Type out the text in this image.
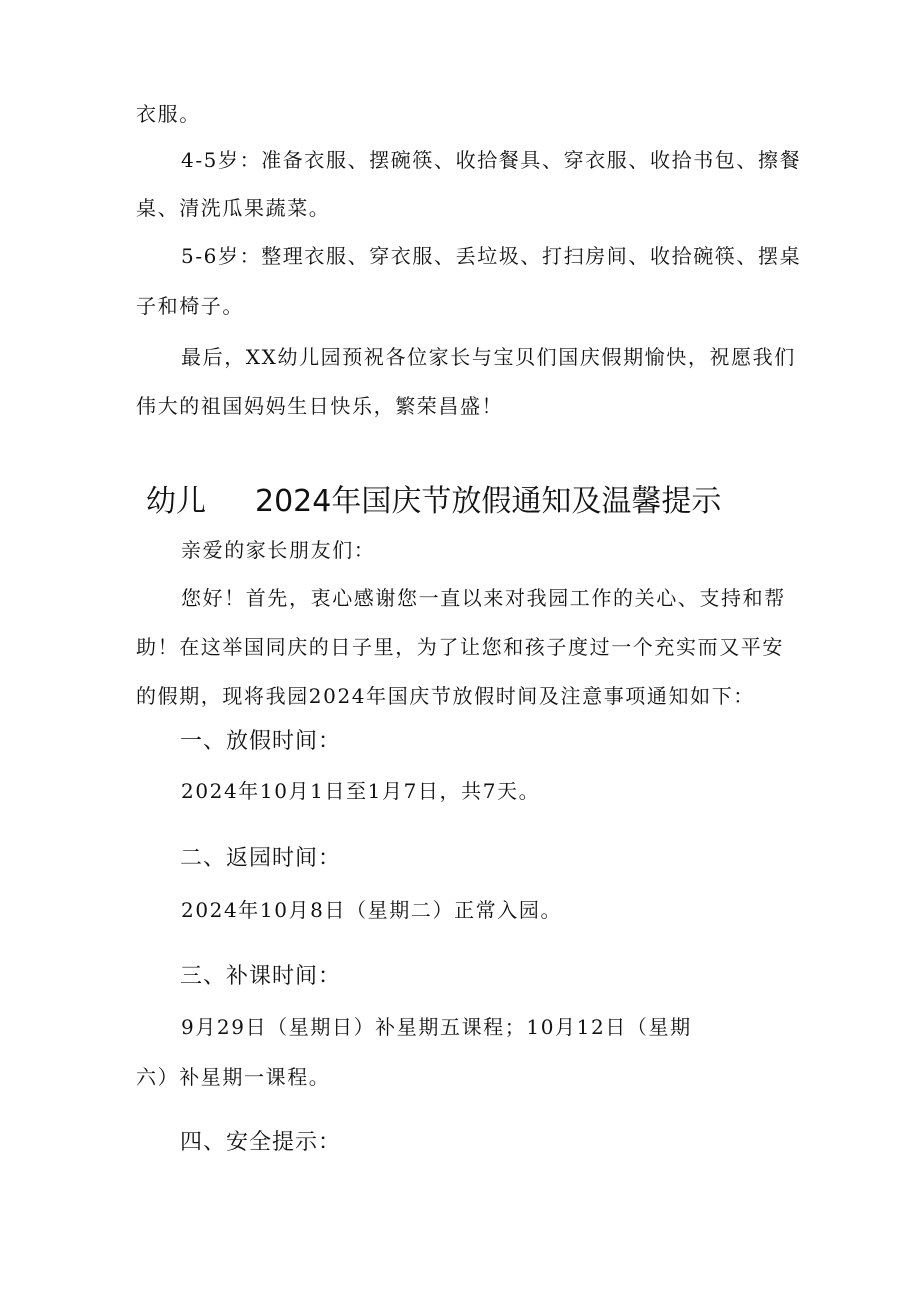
衣服。
4-5岁：准备衣服、摆碗筷、收拾餐具、穿衣服、收拾书包、擦餐
桌、清洗瓜果蔬菜。
5-6岁：整理衣服、穿衣服、丢垃圾、打扫房间、收拾碗筷、摆桌
子和椅子。
最后，XX幼儿园预祝各位家长与宝贝们国庆假期愉快，祝愿我们
伟大的祖国妈妈生日快乐，繁荣昌盛！
幼儿 2024年国庆节放假通知及温馨提示
亲爱的家长朋友们：
您好！首先，衷心感谢您一直以来对我园工作的关心、支持和帮
助！在这举国同庆的日子里，为了让您和孩子度过一个充实而又平安
的假期，现将我园2024年国庆节放假时间及注意事项通知如下：
一、放假时间：
2024年10月1日至1月7日，共7天。
二、返园时间：
2024年10月8日（星期二）正常入园。
三、补课时间：
9月29日（星期日）补星期五课程；10月12日（星期
六）补星期一课程。
四、安全提示：
